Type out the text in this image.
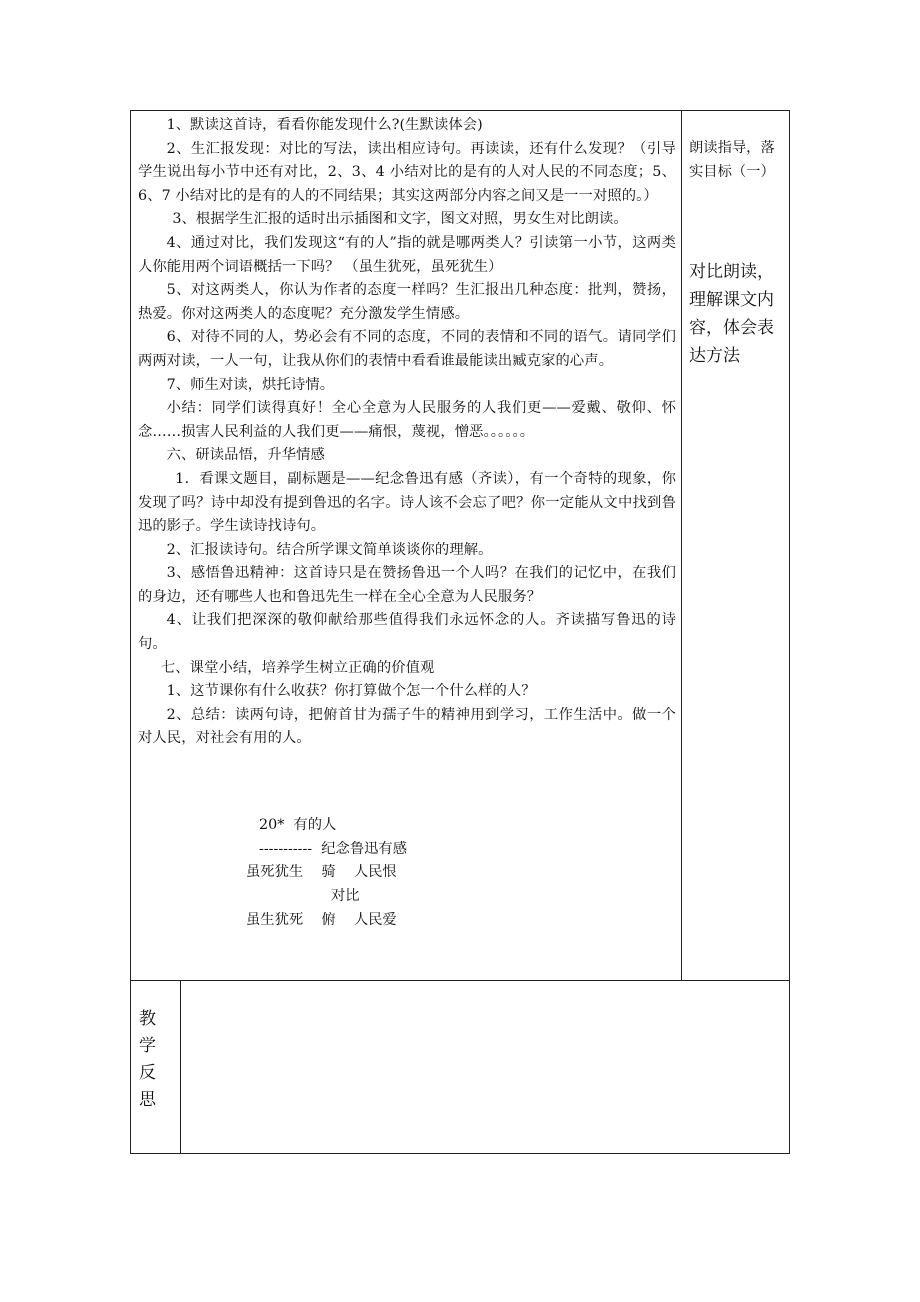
1、默读这首诗，看看你能发现什么?(生默读体会)

2、生汇报发现：对比的写法，读出相应诗句。再读读，还有什么发现？（引导学生说出每小节中还有对比，2、3、4 小结对比的是有的人对人民的不同态度；5、6、7 小结对比的是有的人的不同结果；其实这两部分内容之间又是一一对照的。）

3、根据学生汇报的适时出示插图和文字，图文对照，男女生对比朗读。

4、通过对比，我们发现这“有的人”指的就是哪两类人？引读第一小节，这两类人你能用两个词语概括一下吗？ （虽生犹死，虽死犹生）

5、对这两类人，你认为作者的态度一样吗？生汇报出几种态度：批判，赞扬，热爱。你对这两类人的态度呢？充分激发学生情感。

6、对待不同的人，势必会有不同的态度，不同的表情和不同的语气。请同学们两两对读，一人一句，让我从你们的表情中看看谁最能读出臧克家的心声。

7、师生对读，烘托诗情。

小结：同学们读得真好！全心全意为人民服务的人我们更——爱戴、敬仰、怀念……损害人民利益的人我们更——痛恨，蔑视，憎恶。。。。。。

六、研读品悟，升华情感

1．看课文题目，副标题是——纪念鲁迅有感（齐读），有一个奇特的现象，你发现了吗？诗中却没有提到鲁迅的名字。诗人该不会忘了吧？你一定能从文中找到鲁迅的影子。学生读诗找诗句。

2、汇报读诗句。结合所学课文简单谈谈你的理解。

3、感悟鲁迅精神：这首诗只是在赞扬鲁迅一个人吗？在我们的记忆中，在我们的身边，还有哪些人也和鲁迅先生一样在全心全意为人民服务？

4、让我们把深深的敬仰献给那些值得我们永远怀念的人。齐读描写鲁迅的诗句。

七、课堂小结，培养学生树立正确的价值观

1、这节课你有什么收获？你打算做个怎一个什么样的人？

2、总结：读两句诗，把俯首甘为孺子牛的精神用到学习，工作生活中。做一个对人民，对社会有用的人。

20*  有的人
-----------  纪念鲁迅有感
虽死犹生    骑    人民恨
对比
虽生犹死    俯    人民爱
朗读指导，落实目标（一）
对比朗读，理解课文内容，体会表达方法
教学反思
